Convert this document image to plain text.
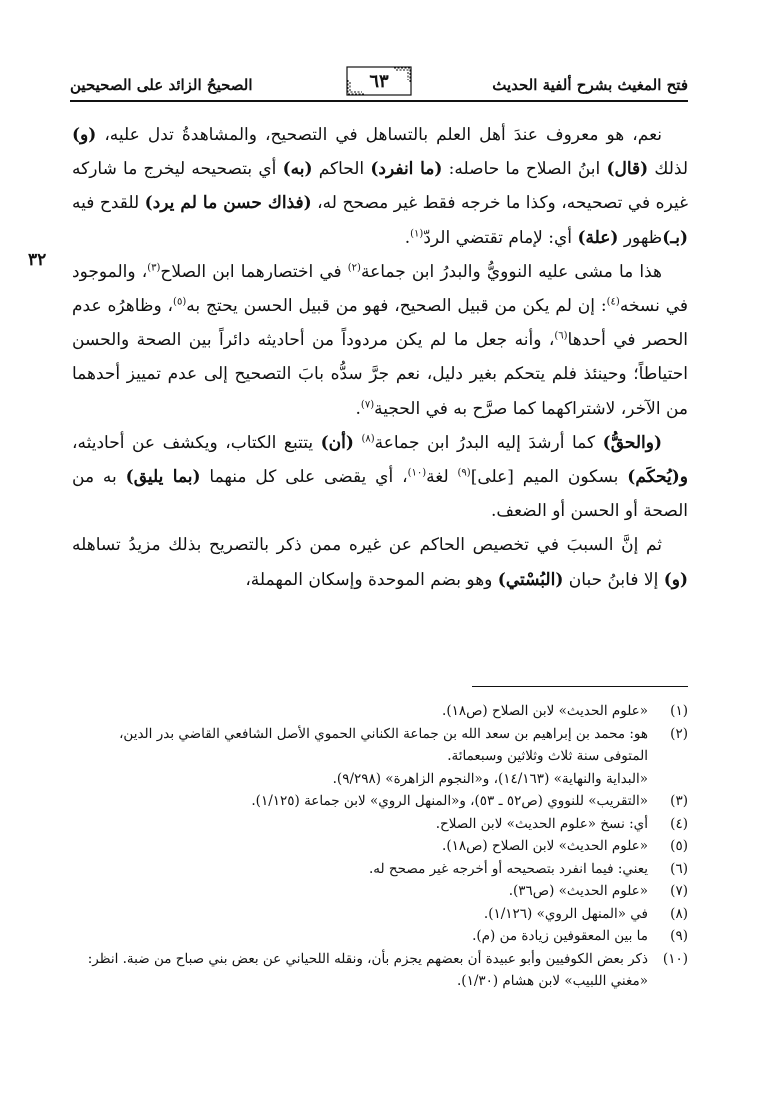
فتح المغيث بشرح ألفية الحديث
٦٣
الصحيحُ الزائد على الصحيحين
٣٢

نعم، هو معروف عندَ أهل العلم بالتساهل في التصحيح، والمشاهدةُ تدل عليه، (و) لذلك (قال) ابنُ الصلاح ما حاصله: (ما انفرد) الحاكم (به) أي بتصحيحه ليخرج ما شاركه غيره في تصحيحه، وكذا ما خرجه فقط غير مصحح له، (فذاك حسن ما لم يرد) للقدح فيه (بـ)ظهور (علة) أي: لإمام تقتضي الردّ$^{(١)}$.

هذا ما مشى عليه النوويُّ والبدرُ ابن جماعة$^{(٢)}$ في اختصارهما ابن الصلاح$^{(٣)}$، والموجود في نسخه$^{(٤)}$: إن لم يكن من قبيل الصحيح، فهو من قبيل الحسن يحتج به$^{(٥)}$، وظاهرُه عدم الحصر في أحدها$^{(٦)}$، وأنه جعل ما لم يكن مردوداً من أحاديثه دائراً بين الصحة والحسن احتياطاً؛ وحينئذ فلم يتحكم بغير دليل، نعم جرَّ سدُّه بابَ التصحيح إلى عدم تمييز أحدهما من الآخر، لاشتراكهما كما صرَّح به في الحجية$^{(٧)}$.

(والحقُّ) كما أرشدَ إليه البدرُ ابن جماعة$^{(٨)}$ (أن) يتتبع الكتاب، ويكشف عن أحاديثه، و(يُحكَم) بسكون الميم [على]$^{(٩)}$ لغة$^{(١٠)}$، أي يقضى على كل منهما (بما يليق) به من الصحة أو الحسن أو الضعف.

ثم إنَّ السببَ في تخصيص الحاكم عن غيره ممن ذكر بالتصريح بذلك مزيدُ تساهله (و) إلا فابنُ حبان (البُسْتي) وهو بضم الموحدة وإسكان المهملة،

(١)
«علوم الحديث» لابن الصلاح (ص١٨).
(٢)
هو: محمد بن إبراهيم بن سعد الله بن جماعة الكناني الحموي الأصل الشافعي القاضي بدر الدين، المتوفى سنة ثلاث وثلاثين وسبعمائة.
«البداية والنهاية» (١٤/١٦٣)، و«النجوم الزاهرة» (٩/٢٩٨).
(٣)
«التقريب» للنووي (ص٥٢ ـ ٥٣)، و«المنهل الروي» لابن جماعة (١/١٢٥).
(٤)
أي: نسخ «علوم الحديث» لابن الصلاح.
(٥)
«علوم الحديث» لابن الصلاح (ص١٨).
(٦)
يعني: فيما انفرد بتصحيحه أو أخرجه غير مصحح له.
(٧)
«علوم الحديث» (ص٣٦).
(٨)
في «المنهل الروي» (١/١٢٦).
(٩)
ما بين المعقوفين زيادة من (م).
(١٠)
ذكر بعض الكوفيين وأبو عبيدة أن بعضهم يجزم بأن، ونقله اللحياني عن بعض بني صباح من ضبة. انظر: «مغني اللبيب» لابن هشام (١/٣٠).
